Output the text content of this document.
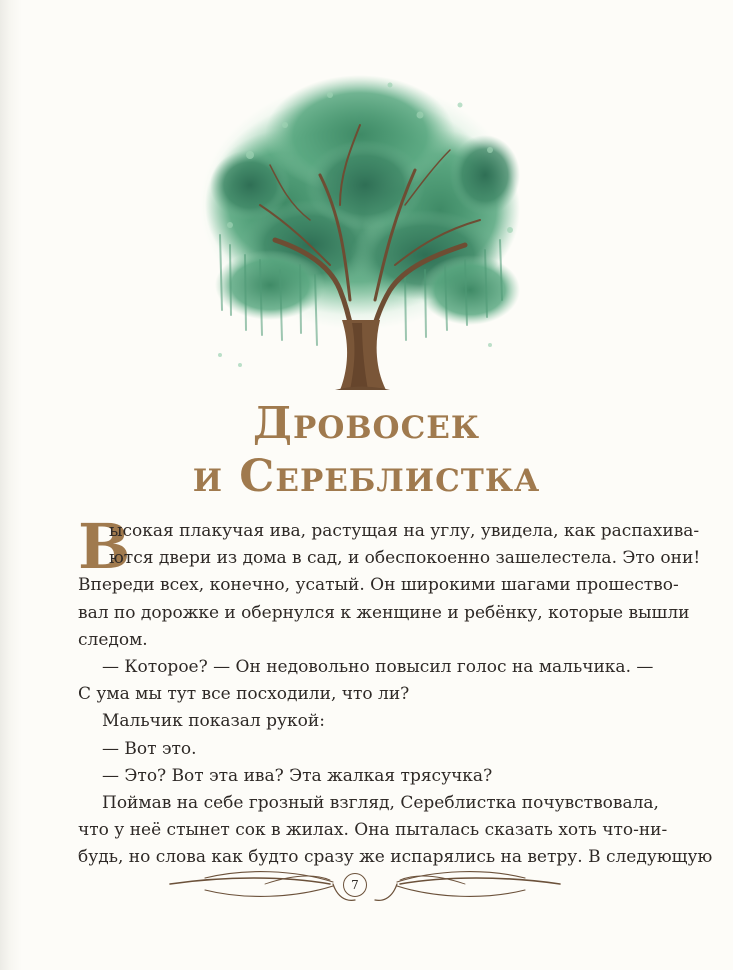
Дровосек
и Сереблистка
В
ысокая плакучая ива, растущая на углу, увидела, как распахива-
ются двери из дома в сад, и обеспокоенно зашелестела. Это они!
Впереди всех, конечно, усатый. Он широкими шагами прошество-
вал по дорожке и обернулся к женщине и ребёнку, которые вышли
следом.
— Которое? — Он недовольно повысил голос на мальчика. —
С ума мы тут все посходили, что ли?
Мальчик показал рукой:
— Вот это.
— Это? Вот эта ива? Эта жалкая трясучка?
Поймав на себе грозный взгляд, Сереблистка почувствовала,
что у неё стынет сок в жилах. Она пыталась сказать хоть что-ни-
будь, но слова как будто сразу же испарялись на ветру. В следующую
7
